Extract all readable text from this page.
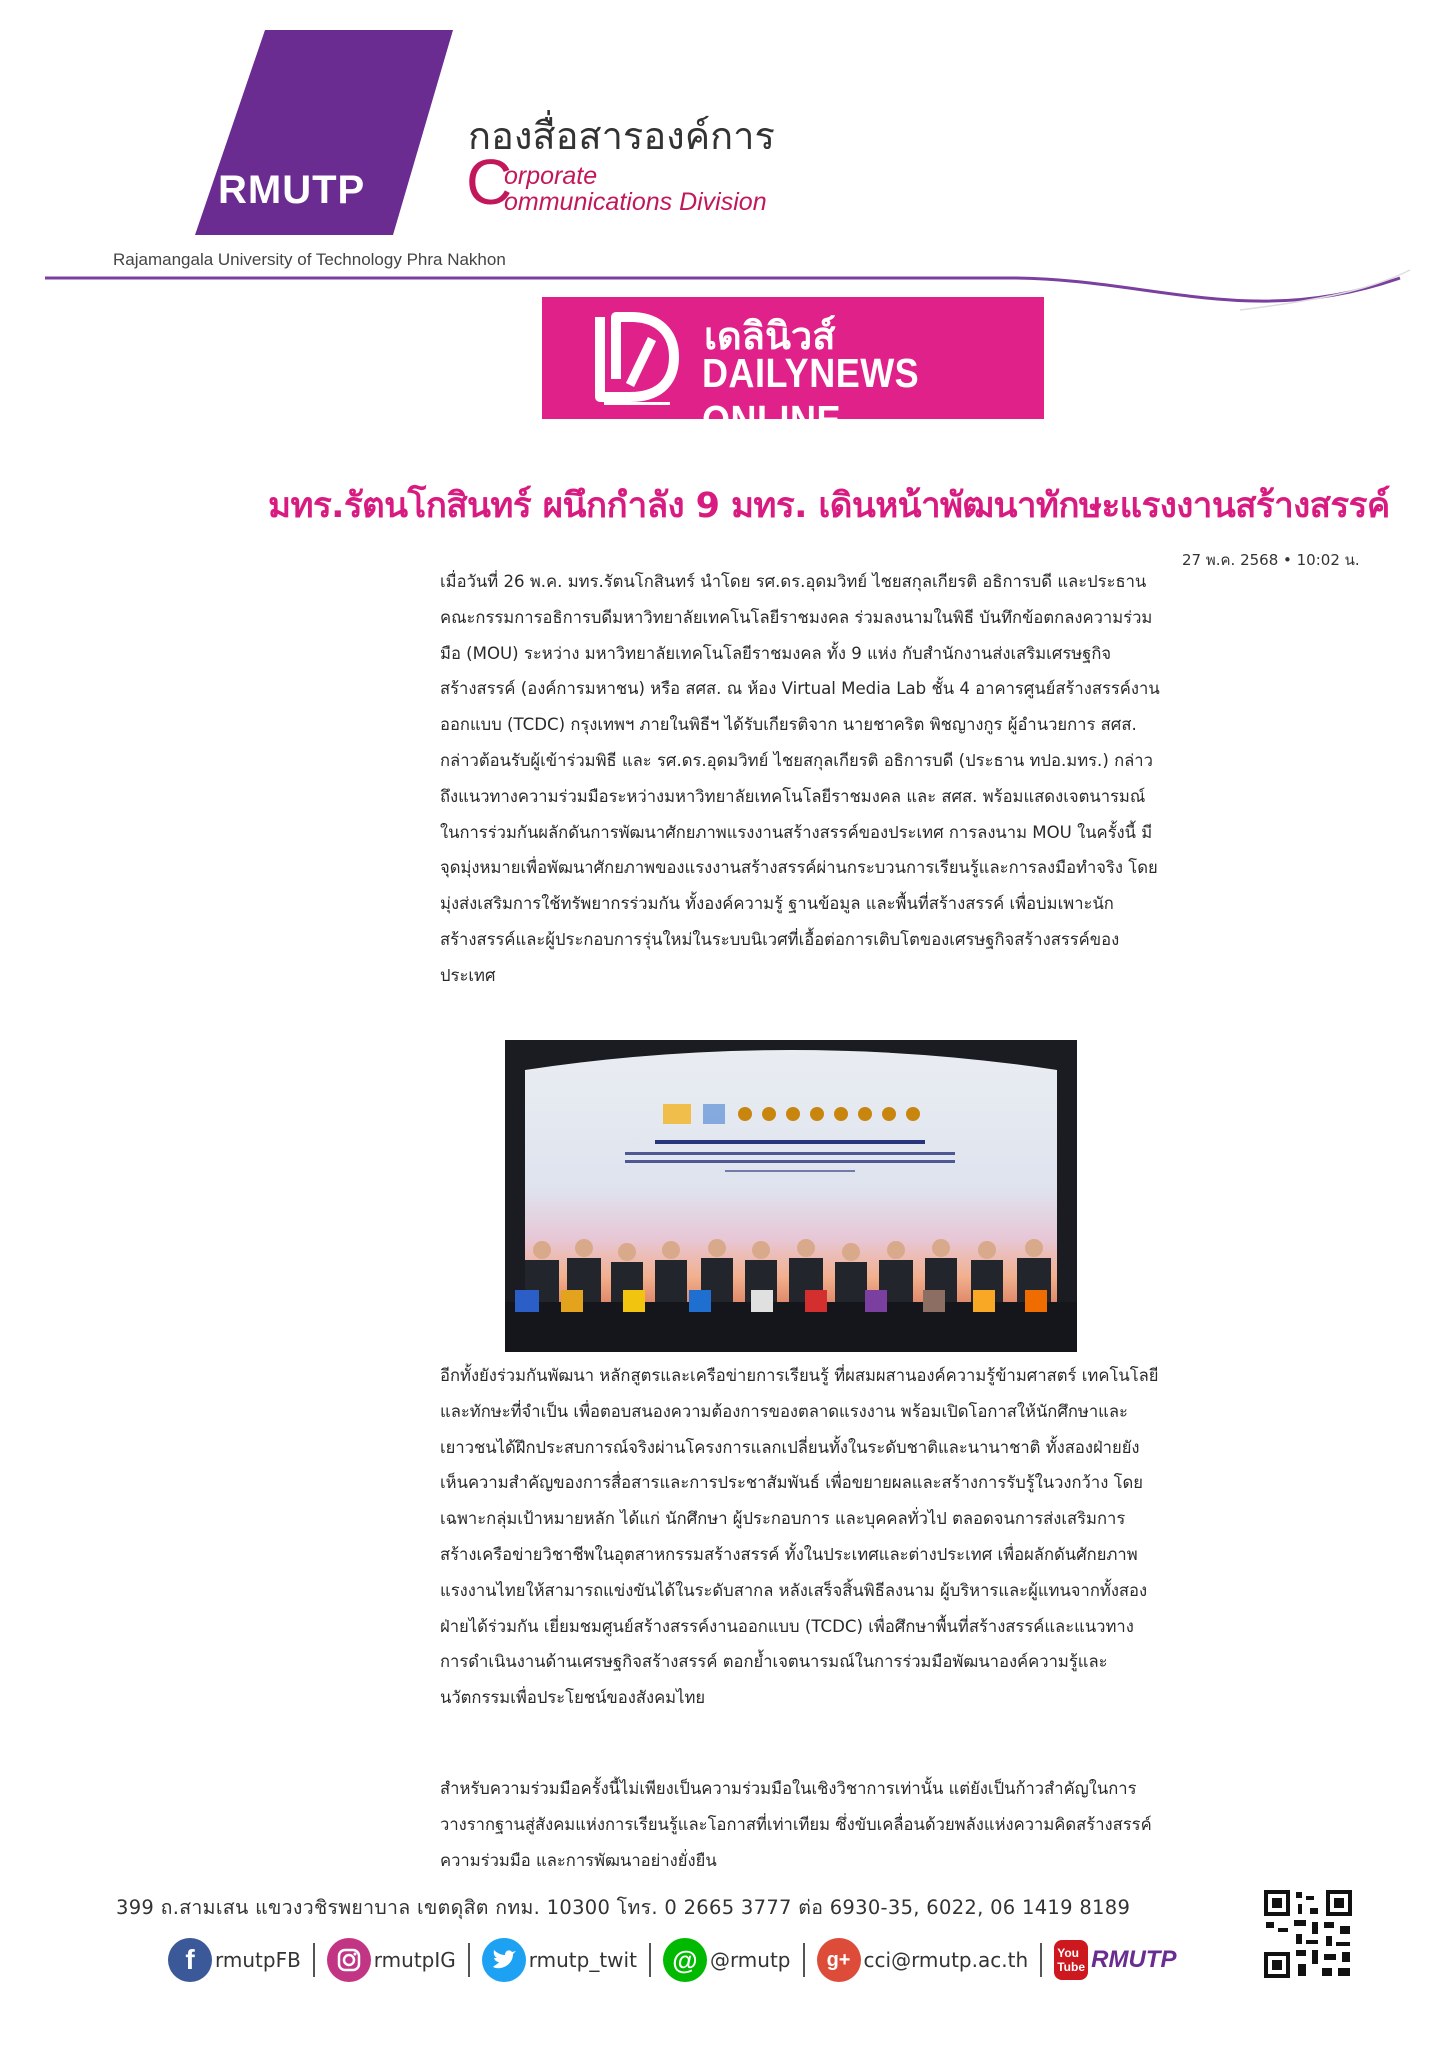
RMUTP
Rajamangala University of Technology Phra Nakhon
กองสื่อสารองค์การ
C
orporate
ommunications Division
เดลินิวส์
DAILYNEWS ONLINE
มทร.รัตนโกสินทร์ ผนึกกำลัง 9 มทร. เดินหน้าพัฒนาทักษะแรงงานสร้างสรรค์
27 พ.ค. 2568 • 10:02 น.
เมื่อวันที่ 26 พ.ค. มทร.รัตนโกสินทร์ นำโดย รศ.ดร.อุดมวิทย์ ไชยสกุลเกียรติ อธิการบดี และประธานคณะกรรมการอธิการบดีมหาวิทยาลัยเทคโนโลยีราชมงคล ร่วมลงนามในพิธี บันทึกข้อตกลงความร่วมมือ (MOU) ระหว่าง มหาวิทยาลัยเทคโนโลยีราชมงคล ทั้ง 9 แห่ง กับสำนักงานส่งเสริมเศรษฐกิจสร้างสรรค์ (องค์การมหาชน) หรือ สศส. ณ ห้อง Virtual Media Lab ชั้น 4 อาคารศูนย์สร้างสรรค์งานออกแบบ (TCDC) กรุงเทพฯ ภายในพิธีฯ ได้รับเกียรติจาก นายชาคริต พิชญางกูร ผู้อำนวยการ สศส. กล่าวต้อนรับผู้เข้าร่วมพิธี และ รศ.ดร.อุดมวิทย์ ไชยสกุลเกียรติ อธิการบดี (ประธาน ทปอ.มทร.) กล่าวถึงแนวทางความร่วมมือระหว่างมหาวิทยาลัยเทคโนโลยีราชมงคล และ สศส. พร้อมแสดงเจตนารมณ์ในการร่วมกันผลักดันการพัฒนาศักยภาพแรงงานสร้างสรรค์ของประเทศ การลงนาม MOU ในครั้งนี้ มีจุดมุ่งหมายเพื่อพัฒนาศักยภาพของแรงงานสร้างสรรค์ผ่านกระบวนการเรียนรู้และการลงมือทำจริง โดยมุ่งส่งเสริมการใช้ทรัพยากรร่วมกัน ทั้งองค์ความรู้ ฐานข้อมูล และพื้นที่สร้างสรรค์ เพื่อบ่มเพาะนักสร้างสรรค์และผู้ประกอบการรุ่นใหม่ในระบบนิเวศที่เอื้อต่อการเติบโตของเศรษฐกิจสร้างสรรค์ของประเทศ
อีกทั้งยังร่วมกันพัฒนา หลักสูตรและเครือข่ายการเรียนรู้ ที่ผสมผสานองค์ความรู้ข้ามศาสตร์ เทคโนโลยี และทักษะที่จำเป็น เพื่อตอบสนองความต้องการของตลาดแรงงาน พร้อมเปิดโอกาสให้นักศึกษาและเยาวชนได้ฝึกประสบการณ์จริงผ่านโครงการแลกเปลี่ยนทั้งในระดับชาติและนานาชาติ ทั้งสองฝ่ายยังเห็นความสำคัญของการสื่อสารและการประชาสัมพันธ์ เพื่อขยายผลและสร้างการรับรู้ในวงกว้าง โดยเฉพาะกลุ่มเป้าหมายหลัก ได้แก่ นักศึกษา ผู้ประกอบการ และบุคคลทั่วไป ตลอดจนการส่งเสริมการสร้างเครือข่ายวิชาชีพในอุตสาหกรรมสร้างสรรค์ ทั้งในประเทศและต่างประเทศ เพื่อผลักดันศักยภาพแรงงานไทยให้สามารถแข่งขันได้ในระดับสากล หลังเสร็จสิ้นพิธีลงนาม ผู้บริหารและผู้แทนจากทั้งสองฝ่ายได้ร่วมกัน เยี่ยมชมศูนย์สร้างสรรค์งานออกแบบ (TCDC) เพื่อศึกษาพื้นที่สร้างสรรค์และแนวทางการดำเนินงานด้านเศรษฐกิจสร้างสรรค์ ตอกย้ำเจตนารมณ์ในการร่วมมือพัฒนาองค์ความรู้และนวัตกรรมเพื่อประโยชน์ของสังคมไทย
สำหรับความร่วมมือครั้งนี้ไม่เพียงเป็นความร่วมมือในเชิงวิชาการเท่านั้น แต่ยังเป็นก้าวสำคัญในการวางรากฐานสู่สังคมแห่งการเรียนรู้และโอกาสที่เท่าเทียม ซึ่งขับเคลื่อนด้วยพลังแห่งความคิดสร้างสรรค์ ความร่วมมือ และการพัฒนาอย่างยั่งยืน
399 ถ.สามเสน แขวงวชิรพยาบาล เขตดุสิต กทม. 10300 โทร. 0 2665 3777 ต่อ 6930-35, 6022, 06 1419 8189
f	rmutpFB	rmutpIG	rmutp_twit	@ @rmutp	g+ cci@rmutp.ac.th You
Tube RMUTP
